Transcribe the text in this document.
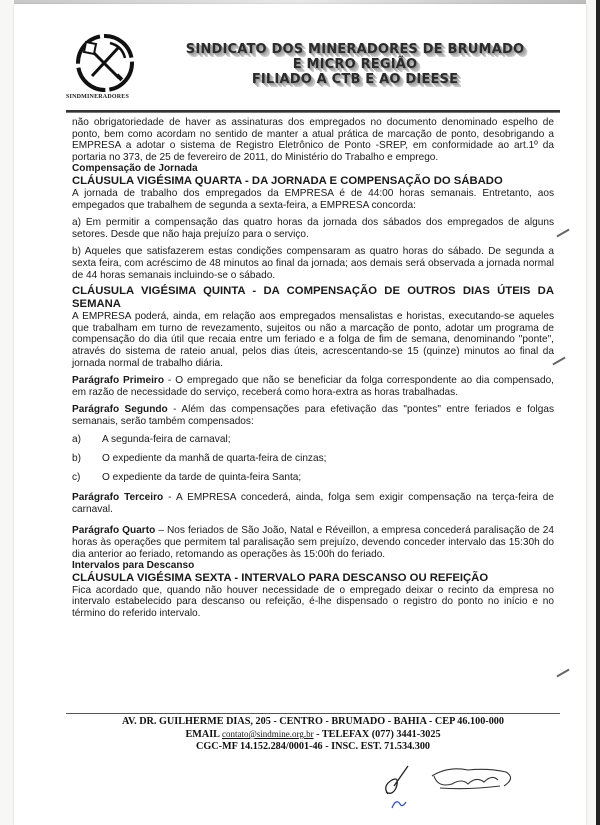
SINDMINERADORES
SINDICATO DOS MINERADORES DE BRUMADO
E MICRO REGIÃO
FILIADO A CTB E AO DIEESE

não obrigatoriedade de haver as assinaturas dos empregados no documento denominado espelho de ponto, bem como acordam no sentido de manter a atual prática de marcação de ponto, desobrigando a EMPRESA a adotar o sistema de Registro Eletrônico de Ponto -SREP, em conformidade ao art.1º da portaria no 373, de 25 de fevereiro de 2011, do Ministério do Trabalho e emprego.

Compensação de Jornada

CLÁUSULA VIGÉSIMA QUARTA - DA JORNADA E COMPENSAÇÃO DO SÁBADO

A jornada de trabalho dos empregados da EMPRESA é de 44:00 horas semanais. Entretanto, aos empegados que trabalhem de segunda a sexta-feira, a EMPRESA concorda:

a) Em permitir a compensação das quatro horas da jornada dos sábados dos empregados de alguns setores. Desde que não haja prejuízo para o serviço.

b) Aqueles que satisfazerem estas condições compensaram as quatro horas do sábado. De segunda a sexta feira, com acréscimo de 48 minutos ao final da jornada; aos demais será observada a jornada normal de 44 horas semanais incluindo-se o sábado.

CLÁUSULA VIGÉSIMA QUINTA - DA COMPENSAÇÃO DE OUTROS DIAS ÚTEIS DA SEMANA

A EMPRESA poderá, ainda, em relação aos empregados mensalistas e horistas, executando-se aqueles que trabalham em turno de revezamento, sujeitos ou não a marcação de ponto, adotar um programa de compensação do dia útil que recaia entre um feriado e a folga de fim de semana, denominando "ponte", através do sistema de rateio anual, pelos dias úteis, acrescentando-se 15 (quinze) minutos ao final da jornada normal de trabalho diária.

Parágrafo Primeiro - O empregado que não se beneficiar da folga correspondente ao dia compensado, em razão de necessidade do serviço, receberá como hora-extra as horas trabalhadas.

Parágrafo Segundo - Além das compensações para efetivação das "pontes" entre feriados e folgas semanais, serão também compensados:

a)	A segunda-feira de carnaval;

b)	O expediente da manhã de quarta-feira de cinzas;

c)	O expediente da tarde de quinta-feira Santa;

Parágrafo Terceiro - A EMPRESA concederá, ainda, folga sem exigir compensação na terça-feira de carnaval.

Parágrafo Quarto – Nos feriados de São João, Natal e Réveillon, a empresa concederá paralisação de 24 horas às operações que permitem tal paralisação sem prejuízo, devendo conceder intervalo das 15:30h do dia anterior ao feriado, retomando as operações às 15:00h do feriado.

Intervalos para Descanso

CLÁUSULA VIGÉSIMA SEXTA - INTERVALO PARA DESCANSO OU REFEIÇÃO

Fica acordado que, quando não houver necessidade de o empregado deixar o recinto da empresa no intervalo estabelecido para descanso ou refeição, é-lhe dispensado o registro do ponto no início e no término do referido intervalo.

AV. DR. GUILHERME DIAS, 205 - CENTRO - BRUMADO - BAHIA - CEP 46.100-000
EMAIL contato@sindmine.org.br - TELEFAX (077) 3441-3025
CGC-MF 14.152.284/0001-46 - INSC. EST. 71.534.300
